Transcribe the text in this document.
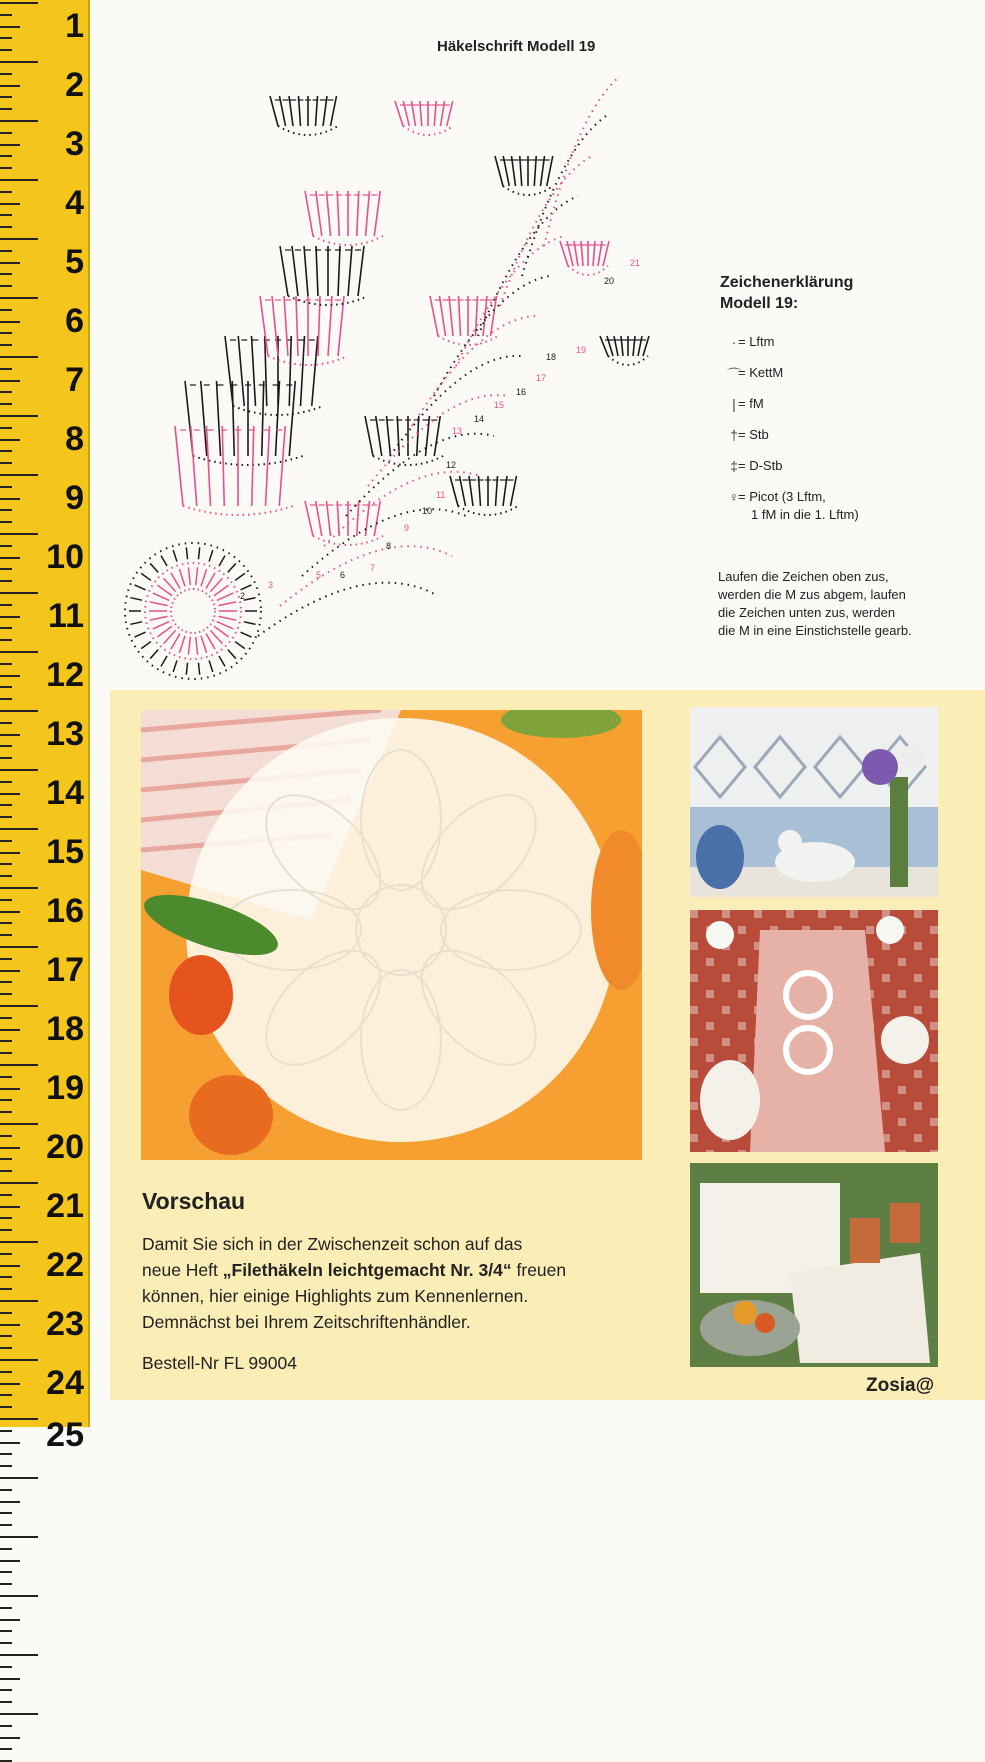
1
2
3
4
5
6
7
8
9
10
11
12
13
14
15
16
17
18
19
20
21
22
23
24
25
Häkelschrift Modell 19
2
3
5 6
7
8
9
10
11
12
13
14
15
16
17
18
19
20
21
Zeichenerklärung
Modell 19:
· = Lftm
⌒
= KettM
| = fM
† = Stb
‡ = D-Stb
♀
= Picot (3 Lftm,
1 fM in die 1. Lftm)
Laufen die Zeichen oben zus,
werden die M zus abgem, laufen
die Zeichen unten zus, werden
die M in eine Einstichstelle gearb.
Vorschau
Damit Sie sich in der Zwischenzeit schon auf das
neue Heft „Filethäkeln leichtgemacht Nr. 3/4“ freuen
können, hier einige Highlights zum Kennenlernen.
Demnächst bei Ihrem Zeitschriftenhändler.
Bestell-Nr FL 99004
Zosia@
